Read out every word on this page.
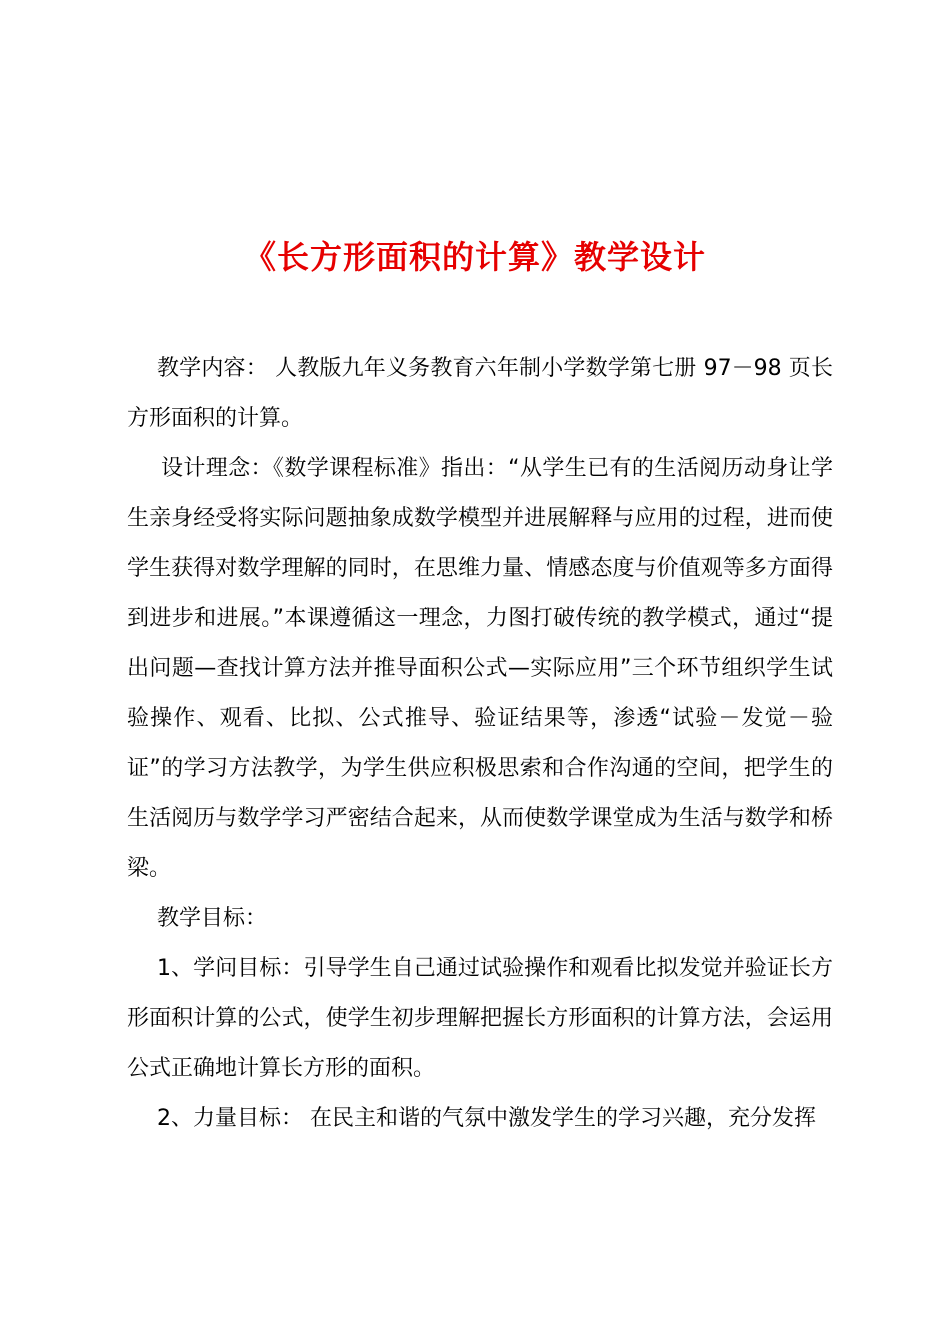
《长方形面积的计算》教学设计

教学内容： 人教版九年义务教育六年制小学数学第七册 97－98 页长方形面积的计算。

设计理念：《数学课程标准》指出：“从学生已有的生活阅历动身让学生亲身经受将实际问题抽象成数学模型并进展解释与应用的过程，进而使学生获得对数学理解的同时，在思维力量、情感态度与价值观等多方面得到进步和进展。”本课遵循这一理念，力图打破传统的教学模式，通过“提出问题—查找计算方法并推导面积公式—实际应用”三个环节组织学生试验操作、观看、比拟、公式推导、验证结果等，渗透“试验－发觉－验证”的学习方法教学，为学生供应积极思索和合作沟通的空间，把学生的生活阅历与数学学习严密结合起来，从而使数学课堂成为生活与数学和桥梁。

教学目标：

1、学问目标：引导学生自己通过试验操作和观看比拟发觉并验证长方形面积计算的公式，使学生初步理解把握长方形面积的计算方法，会运用公式正确地计算长方形的面积。

2、力量目标： 在民主和谐的气氛中激发学生的学习兴趣，充分发挥
